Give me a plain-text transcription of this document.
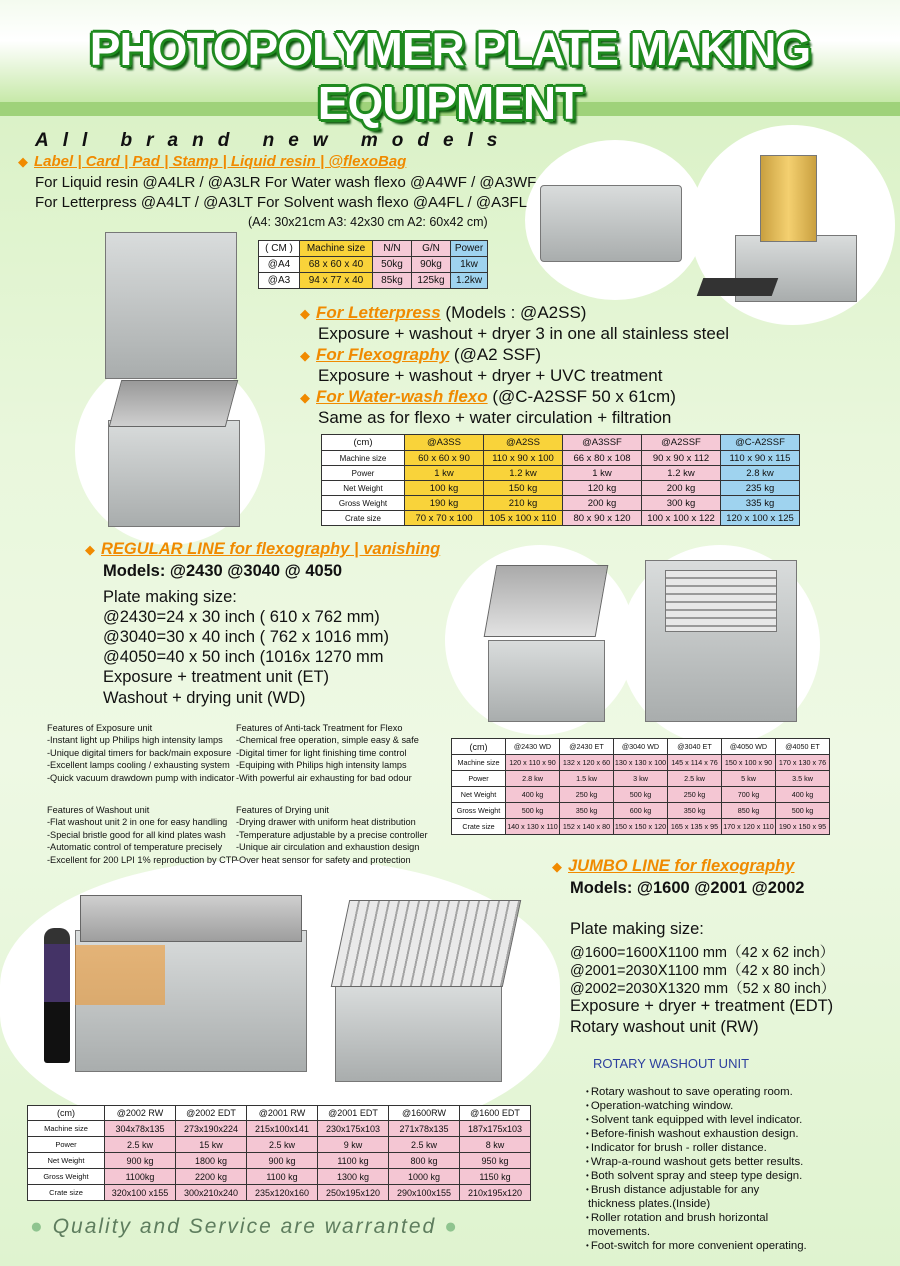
PHOTOPOLYMER PLATE MAKING EQUIPMENT
All brand new models
◆ Label | Card | Pad | Stamp | Liquid resin | @flexoBag
For Liquid resin @A4LR / @A3LR For Water wash flexo @A4WF / @A3WF
For Letterpress @A4LT / @A3LT For Solvent wash flexo @A4FL / @A3FL
(A4: 30x21cm A3: 42x30 cm A2: 60x42 cm)
( CM )	Machine size	N/N	G/N	Power
@A4	68 x 60 x 40	50kg	90kg	1kw
@A3	94 x 77 x 40	85kg	125kg	1.2kw
◆ For Letterpress (Models : @A2SS)
Exposure + washout + dryer 3 in one all stainless steel
◆ For Flexography (@A2 SSF)
Exposure + washout + dryer + UVC treatment
◆ For Water-wash flexo (@C-A2SSF 50 x 61cm)
Same as for flexo + water circulation + filtration
(cm)	@A3SS	@A2SS	@A3SSF	@A2SSF	@C-A2SSF
Machine size	60 x 60 x 90	110 x 90 x 100	66 x 80 x 108	90 x 90 x 112	110 x 90 x 115
Power	1 kw	1.2 kw	1 kw	1.2 kw	2.8 kw
Net Weight	100 kg	150 kg	120 kg	200 kg	235 kg
Gross Weight	190 kg	210 kg	200 kg	300 kg	335 kg
Crate size	70 x 70 x 100	105 x 100 x 110	80 x 90 x 120	100 x 100 x 122	120 x 100 x 125
◆ REGULAR LINE for flexography | vanishing
Models: @2430 @3040 @ 4050
Plate making size:
@2430=24 x 30 inch ( 610 x 762 mm)
@3040=30 x 40 inch ( 762 x 1016 mm)
@4050=40 x 50 inch (1016x 1270 mm
Exposure + treatment unit (ET)
Washout + drying unit (WD)
Features of Exposure unit
-Instant light up Philips high intensity lamps
-Unique digital timers for back/main exposure
-Excellent lamps cooling / exhausting system
-Quick vacuum drawdown pump with indicator
Features of Anti-tack Treatment for Flexo
-Chemical free operation, simple easy & safe
-Digital timer for light finishing time control
-Equiping with Philips high intensity lamps
-With powerful air exhausting for bad odour
Features of Washout unit
-Flat washout unit 2 in one for easy handling
-Special bristle good for all kind plates wash
-Automatic control of temperature precisely
-Excellent for 200 LPI 1% reproduction by CTP
Features of Drying unit
-Drying drawer with uniform heat distribution
-Temperature adjustable by a precise controller
-Unique air circulation and exhaustion design
-Over heat sensor for safety and protection
(cm)	@2430 WD	@2430 ET	@3040 WD	@3040 ET	@4050 WD	@4050 ET
Machine size	120 x 110 x 90	132 x 120 x 60	130 x 130 x 100	145 x 114 x 76	150 x 100 x 90	170 x 130 x 76
Power	2.8 kw	1.5 kw	3 kw	2.5 kw	5 kw	3.5 kw
Net Weight	400 kg	250 kg	500 kg	250 kg	700 kg	400 kg
Gross Weight	500 kg	350 kg	600 kg	350 kg	850 kg	500 kg
Crate size	140 x 130 x 110	152 x 140 x 80	150 x 150 x 120	165 x 135 x 95	170 x 120 x 110	190 x 150 x 95
◆ JUMBO LINE for flexography
Models: @1600 @2001 @2002
Plate making size:
@1600=1600Ⅹ1100 mm（42 x 62 inch）
@2001=2030Ⅹ1100 mm（42 x 80 inch）
@2002=2030Ⅹ1320 mm（52 x 80 inch）
Exposure + dryer + treatment (EDT)
Rotary washout unit (RW)
(cm)	@2002 RW	@2002 EDT	@2001 RW	@2001 EDT	@1600RW	@1600 EDT
Machine size	304x78x135	273x190x224	215x100x141	230x175x103	271x78x135	187x175x103
Power	2.5 kw	15 kw	2.5 kw	9 kw	2.5 kw	8 kw
Net Weight	900 kg	1800 kg	900 kg	1100 kg	800 kg	950 kg
Gross Weight	1100kg	2200 kg	1100 kg	1300 kg	1000 kg	1150 kg
Crate size	320x100 x155	300x210x240	235x120x160	250x195x120	290x100x155	210x195x120
ROTARY WASHOUT UNIT
• Rotary washout to save operating room.
• Operation-watching window.
• Solvent tank equipped with level indicator.
• Before-finish washout exhaustion design.
• Indicator for brush - roller distance.
• Wrap-a-round washout gets better results.
• Both solvent spray and steep type design.
• Brush distance adjustable for any
thickness plates.(Inside)
• Roller rotation and brush horizontal
movements.
• Foot-switch for more convenient operating.
● Quality and Service are warranted ●
